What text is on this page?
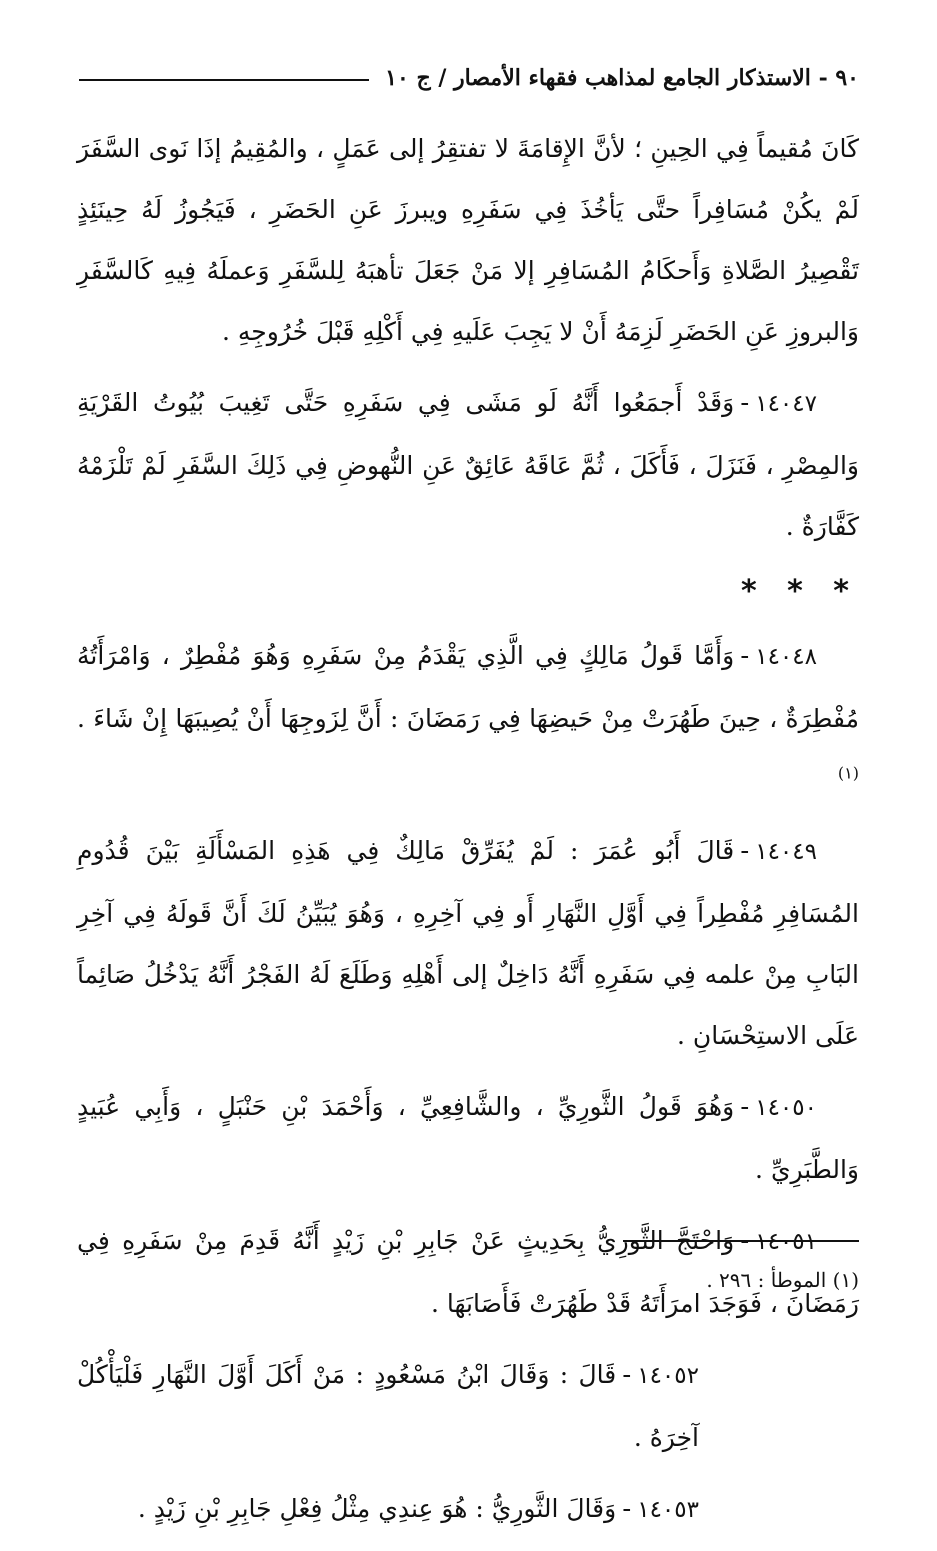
٩٠ - الاستذكار الجامع لمذاهب فقهاء الأمصار / ج ١٠

كَانَ مُقيماً فِي الحِينِ ؛ لأنَّ الإِقامَةَ لا تفتقِرُ إلى عَمَلٍ ، والمُقِيمُ إذَا نَوى السَّفَرَ لَمْ يكُنْ مُسَافِراً حتَّى يَأخُذَ فِي سَفَرِهِ ويبرزَ عَنِ الحَضَرِ ، فَيَجُوزُ لَهُ حِينَئِذٍ تَقْصِيرُ الصَّلاةِ وَأَحكَامُ المُسَافِرِ إلا مَنْ جَعَلَ تأهبَهُ لِلسَّفَرِ وَعملَهُ فِيهِ كَالسَّفَرِ وَالبروزِ عَنِ الحَضَرِ لَزِمَهُ أَنْ لا يَجِبَ عَلَيهِ فِي أَكْلِهِ قَبْلَ خُرُوجِهِ .

١٤٠٤٧-وَقَدْ أَجمَعُوا أَنَّهُ لَو مَشَى فِي سَفَرِهِ حَتَّى تَغِيبَ بُيُوتُ القَرْيَةِ وَالمِصْرِ ، فَنَزَلَ ، فَأَكَلَ ، ثُمَّ عَاقَهُ عَائِقٌ عَنِ النُّهوضِ فِي ذَلِكَ السَّفَرِ لَمْ تَلْزَمْهُ كَفَّارَةٌ .

* * *

١٤٠٤٨-وَأَمَّا قَولُ مَالِكٍ فِي الَّذِي يَقْدَمُ مِنْ سَفَرِهِ وَهُوَ مُفْطِرٌ ، وَامْرَأَتُهُ مُفْطِرَةٌ ، حِينَ طَهُرَتْ مِنْ حَيضِهَا فِي رَمَضَانَ : أَنَّ لِزَوجِهَا أَنْ يُصِيبَهَا إِنْ شَاءَ . $^{(١)}$

١٤٠٤٩-قَالَ أَبُو عُمَرَ : لَمْ يُفَرِّقْ مَالِكٌ فِي هَذِهِ المَسْأَلَةِ بَيْنَ قُدُومِ المُسَافِرِ مُفْطِراً فِي أَوَّلِ النَّهَارِ أَو فِي آخِرِهِ ، وَهُوَ يُبَيِّنُ لَكَ أَنَّ قَولَهُ فِي آخِرِ البَابِ مِنْ علمه فِي سَفَرِهِ أَنَّهُ دَاخِلٌ إلى أَهْلِهِ وَطَلَعَ لَهُ الفَجْرُ أَنَّهُ يَدْخُلُ صَائِماً عَلَى الاستِحْسَانِ .

١٤٠٥٠-وَهُوَ قَولُ الثَّورِيِّ ، والشَّافِعِيِّ ، وَأَحْمَدَ بْنِ حَنْبَلٍ ، وَأَبِي عُبَيدٍ وَالطَّبَرِيِّ .

١٤٠٥١-وَاحْتَجَّ الثَّورِيُّ بِحَدِيثٍ عَنْ جَابِرِ بْنِ زَيْدٍ أَنَّهُ قَدِمَ مِنْ سَفَرِهِ فِي رَمَضَانَ ، فَوَجَدَ امرَأَتَهُ قَدْ طَهُرَتْ فَأَصَابَهَا .

١٤٠٥٢-قَالَ : وَقَالَ ابْنُ مَسْعُودٍ : مَنْ أَكَلَ أَوَّلَ النَّهَارِ فَلْيَأْكُلْ آخِرَهُ .

١٤٠٥٣-وَقَالَ الثَّورِيُّ : هُوَ عِندِي مِثْلُ فِعْلِ جَابِرِ بْنِ زَيْدٍ .

(١) الموطأ : ٢٩٦ .
